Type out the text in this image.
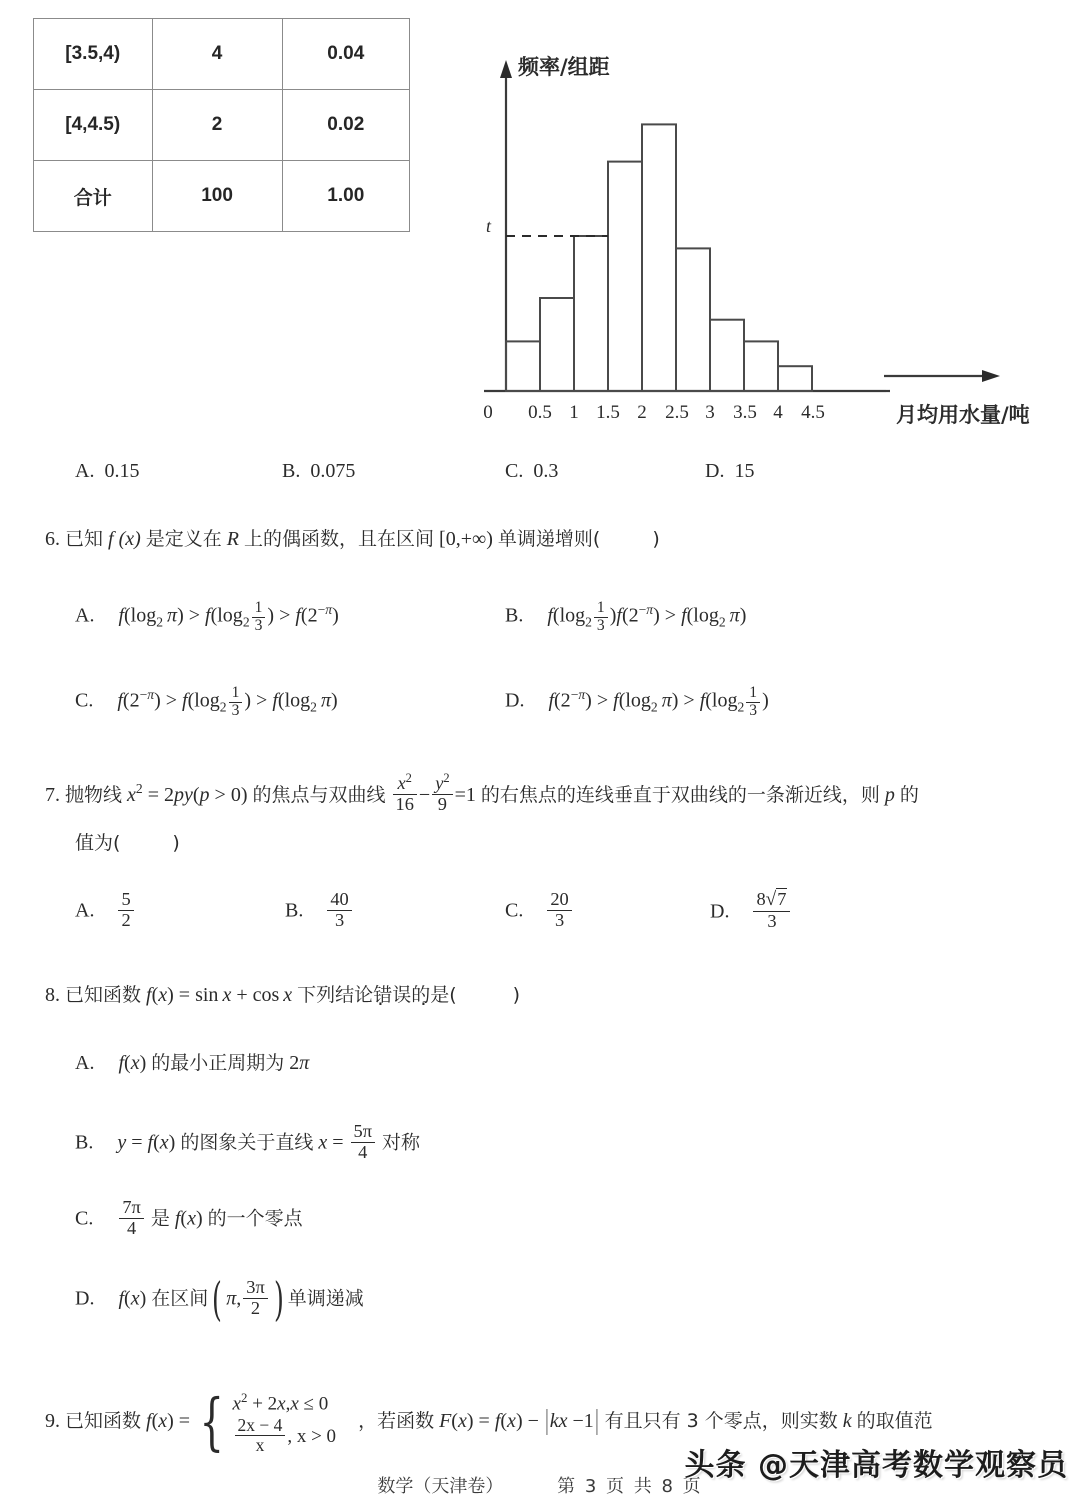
[3.5,4)	4	0.04
[4,4.5)	2	0.02
合计	100	1.00
t
0 0.5 1 1.5 2 2.5 3 3.5 4 4.5
频率/组距
月均用水量/吨
A. 0.15	B. 0.075	C. 0.3	D. 15
6. 已知 f (x) 是定义在 R 上的偶函数，且在区间 [0,+∞) 单调递增则(	)
A. $f(\log_2$  $\pi) > f(\log_2 \frac{1}{3}$ ) > $f(2^{-\pi})$	B. $f(\log_2 \frac{1}{3} )f(2^{-\pi}) > f(\log_2$  π)
C. $f(2^{-\pi}) > f(\log_2 \frac{1}{3}$ ) > $f(\log_2$  π)	D. $f(2^{-\pi}) > f(\log_2$  $\pi) > f(\log_2 \frac{1}{3}$ )
7. 抛物线 $x^2 = 2py(p > 0)$ 的焦点与双曲线 $\frac{x^2}{16} - \frac{y^2}{9} =1$ 的右焦点的连线垂直于双曲线的一条渐近线，则 p 的
值为(	)
A. $\frac{5}{2}$	B. $\frac{40}{3}$	C. $\frac{20}{3}$	D. $\frac{8√7}{3}$
8. 已知函数 f(x) = sin x + cos x 下列结论错误 ·  ·的是(	)
A. f(x) 的最小正周期为 2π
B. y = f(x) 的图象关于直线 $x = \frac{5\pi}{4}$ 对称
C. $\frac{7\pi}{4}$ 是 f(x) 的一个零点
D. f(x) 在区间( π, $\frac{3\pi}{2}$ ) 单调递减
9. 已知函数 f(x) = { $x^2 + 2x,x \le 0$
$\frac{2x - 4}{x}$ , x > 0
，若函数 F(x) = f(x) − |kx −1| 有且只有 3 个零点，则实数 k 的取值范
数学（天津卷）	第 3 页 共 8 页
头条 @天津高考数学观察员
